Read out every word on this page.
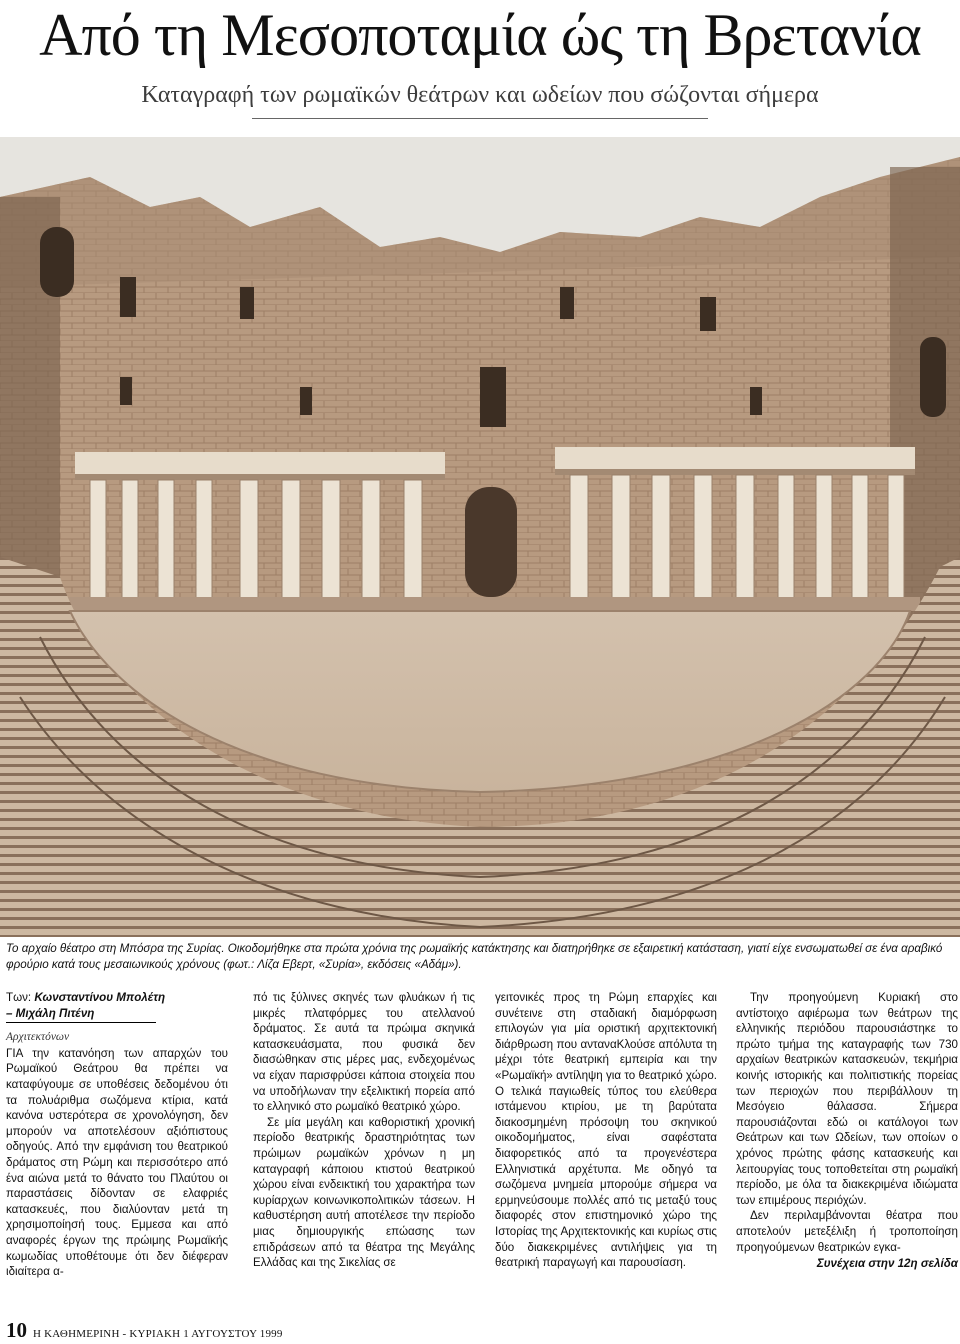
Από τη Μεσοποταμία ώς τη Βρετανία
Καταγραφή των ρωμαϊκών θεάτρων και ωδείων που σώζονται σήμερα
Το αρχαίο θέατρο στη Μπόσρα της Συρίας. Οικοδομήθηκε στα πρώτα χρόνια της ρωμαϊκής κατάκτησης και διατηρήθηκε σε εξαιρετική κατάσταση, γιατί είχε ενσωματωθεί σε ένα αραβικό φρούριο κατά τους μεσαιωνικούς χρόνους (φωτ.: Λίζα Εβερτ, «Συρία», εκδόσεις «Αδάμ»).

Των: Κωνσταντίνου Μπολέτη

– Μιχάλη Πιτένη

Αρχιτεκτόνων

ΓΙΑ την κατανόηση των απαρχών του Ρωμαϊκού Θεάτρου θα πρέπει να καταφύγουμε σε υποθέσεις δεδομένου ότι τα πολυάριθμα σωζόμενα κτίρια, κατά κανόνα υστερότερα σε χρονολόγηση, δεν μπορούν να αποτελέσουν αξιόπιστους οδηγούς. Από την εμφάνιση του θεατρικού δράματος στη Ρώμη και περισσότερο από ένα αιώνα μετά το θάνατο του Πλαύτου οι παραστάσεις δίδονταν σε ελαφριές κατασκευές, που διαλύονταν μετά τη χρησιμοποίησή τους. Εμμεσα και από αναφορές έργων της πρώιμης Ρωμαϊκής κωμωδίας υποθέτουμε ότι δεν διέφεραν ιδιαίτερα α-

πό τις ξύλινες σκηνές των φλυάκων ή τις μικρές πλατφόρμες του ατελλανού δράματος. Σε αυτά τα πρώιμα σκηνικά κατασκευάσματα, που φυσικά δεν διασώθηκαν στις μέρες μας, ενδεχομένως να είχαν παρισφρύσει κάποια στοιχεία που να υποδήλωναν την εξελικτική πορεία από το ελληνικό στο ρωμαϊκό θεατρικό χώρο.

Σε μία μεγάλη και καθοριστική χρονική περίοδο θεατρικής δραστηριότητας των πρώιμων ρωμαϊκών χρόνων η μη καταγραφή κάποιου κτιστού θεατρικού χώρου είναι ενδεικτική του χαρακτήρα των κυρίαρχων κοινωνικοπολιτικών τάσεων. Η καθυστέρηση αυτή αποτέλεσε την περίοδο μιας δημιουργικής επώασης των επιδράσεων από τα θέατρα της Μεγάλης Ελλάδας και της Σικελίας σε

γειτονικές προς τη Ρώμη επαρχίες και συνέτεινε στη σταδιακή διαμόρφωση επιλογών για μία οριστική αρχιτεκτονική διάρθρωση που ανταναKλούσε απόλυτα τη μέχρι τότε θεατρική εμπειρία και την «Ρωμαϊκή» αντίληψη για το θεατρικό χώρο. Ο τελικά παγιωθείς τύπος του ελεύθερα ιστάμενου κτιρίου, με τη βαρύτατα διακοσμημένη πρόσοψη του σκηνικού οικοδομήματος, είναι σαφέστατα διαφορετικός από τα προγενέστερα Ελληνιστικά αρχέτυπα. Με οδηγό τα σωζόμενα μνημεία μπορούμε σήμερα να ερμηνεύσουμε πολλές από τις μεταξύ τους διαφορές στον επιστημονικό χώρο της Ιστορίας της Αρχιτεκτονικής και κυρίως στις δύο διακεκριμένες αντιλήψεις για τη θεατρική παραγωγή και παρουσίαση.

Την προηγούμενη Κυριακή στο αντίστοιχο αφιέρωμα των θεάτρων της ελληνικής περιόδου παρουσιάστηκε το πρώτο τμήμα της καταγραφής των 730 αρχαίων θεατρικών κατασκευών, τεκμήρια κοινής ιστορικής και πολιτιστικής πορείας των περιοχών που περιβάλλουν τη Μεσόγειο θάλασσα. Σήμερα παρουσιάζονται εδώ οι κατάλογοι των Θεάτρων και των Ωδείων, των οποίων ο χρόνος πρώτης φάσης κατασκευής και λειτουργίας τους τοποθετείται στη ρωμαϊκή περίοδο, με όλα τα διακεκριμένα ιδιώματα των επιμέρους περιόχών.

Δεν περιλαμβάνονται θέατρα που αποτελούν μετεξέλιξη ή τροποποίηση προηγούμενων θεατρικών εγκα-

Συνέχεια στην 12η σελίδα
10 Η ΚΑΘΗΜΕΡΙΝΗ - ΚΥΡΙΑΚΗ 1 ΑΥΓΟΥΣΤΟΥ 1999
